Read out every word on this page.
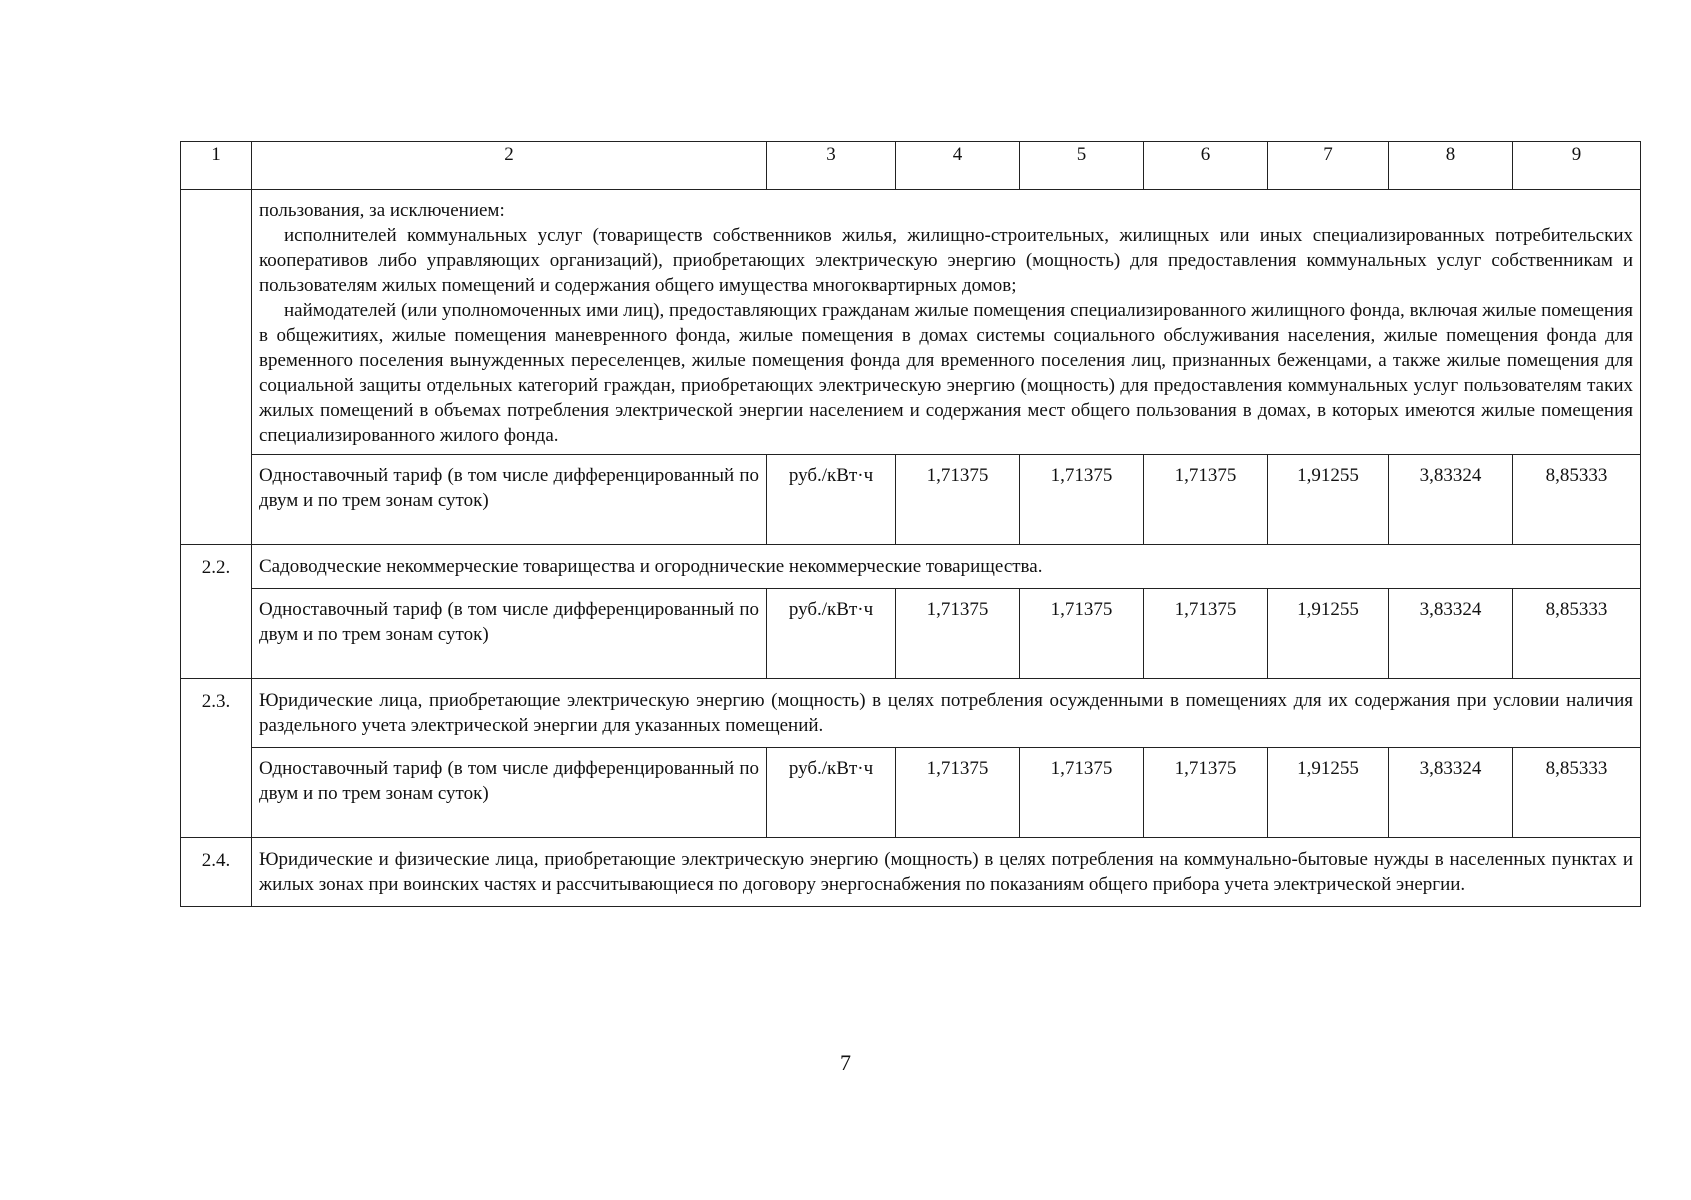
1	2	3	4	5	6	7	8	9

	пользования, за исключением:

исполнителей коммунальных услуг (товариществ собственников жилья, жилищно-строительных, жилищных или иных специализированных потребительских кооперативов либо управляющих организаций), приобретающих электрическую энергию (мощность) для предоставления коммунальных услуг собственникам и пользователям жилых помещений и содержания общего имущества многоквартирных домов;

наймодателей (или уполномоченных ими лиц), предоставляющих гражданам жилые помещения специализированного жилищного фонда, включая жилые помещения в общежитиях, жилые помещения маневренного фонда, жилые помещения в домах системы социального обслуживания населения, жилые помещения фонда для временного поселения вынужденных переселенцев, жилые помещения фонда для временного поселения лиц, признанных беженцами, а также жилые помещения для социальной защиты отдельных категорий граждан, приобретающих электрическую энергию (мощность) для предоставления коммунальных услуг пользователям таких жилых помещений в объемах потребления электрической энергии населением и содержания мест общего пользования в домах, в которых имеются жилые помещения специализированного жилого фонда.							

	Одноставочный тариф (в том числе дифференцированный по двум и по трем зонам суток)	руб./кВт·ч	1,71375	1,71375	1,71375	1,91255	3,83324	8,85333
2.2.	Садоводческие некоммерческие товарищества и огороднические некоммерческие товарищества.							
	Одноставочный тариф (в том числе дифференцированный по двум и по трем зонам суток)	руб./кВт·ч	1,71375	1,71375	1,71375	1,91255	3,83324	8,85333
2.3.	Юридические лица, приобретающие электрическую энергию (мощность) в целях потребления осужденными в помещениях для их содержания при условии наличия раздельного учета электрической энергии для указанных помещений.							
	Одноставочный тариф (в том числе дифференцированный по двум и по трем зонам суток)	руб./кВт·ч	1,71375	1,71375	1,71375	1,91255	3,83324	8,85333
2.4.	Юридические и физические лица, приобретающие электрическую энергию (мощность) в целях потребления на коммунально-бытовые нужды в населенных пунктах и жилых зонах при воинских частях и рассчитывающиеся по договору энергоснабжения по показаниям общего прибора учета электрической энергии.							
7
